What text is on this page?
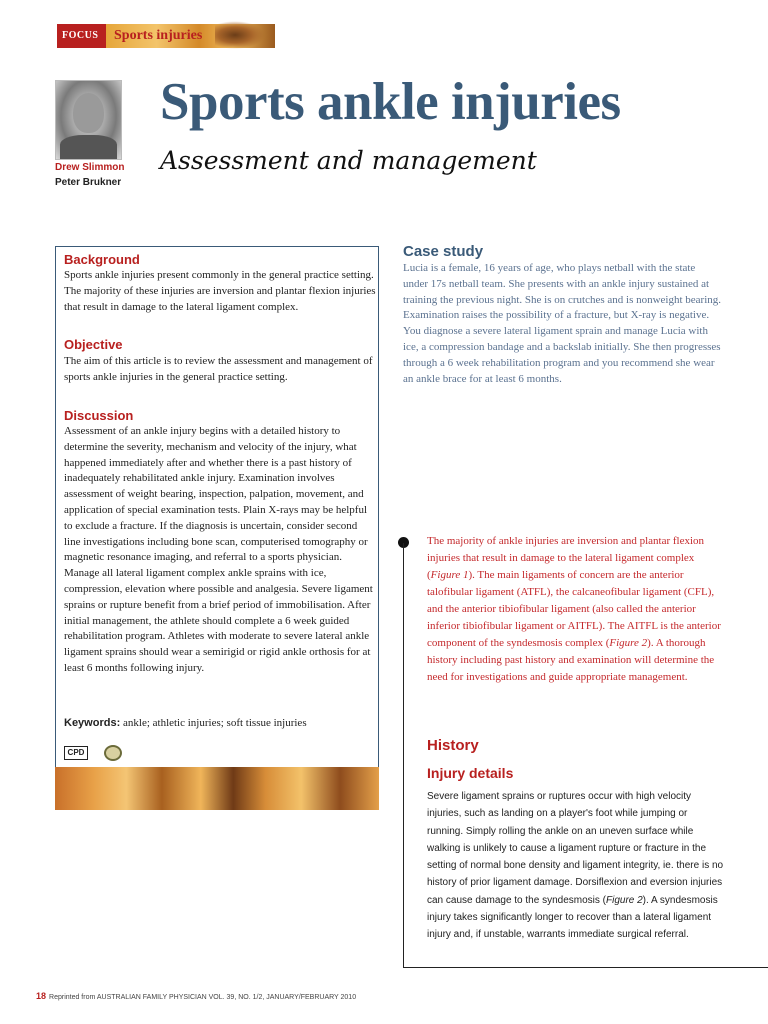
FOCUS Sports injuries
Drew Slimmon
Peter Brukner
Sports ankle injuries
Assessment and management
Background
Sports ankle injuries present commonly in the general practice setting. The majority of these injuries are inversion and plantar flexion injuries that result in damage to the lateral ligament complex.
Objective
The aim of this article is to review the assessment and management of sports ankle injuries in the general practice setting.
Discussion
Assessment of an ankle injury begins with a detailed history to determine the severity, mechanism and velocity of the injury, what happened immediately after and whether there is a past history of inadequately rehabilitated ankle injury. Examination involves assessment of weight bearing, inspection, palpation, movement, and application of special examination tests. Plain X-rays may be helpful to exclude a fracture. If the diagnosis is uncertain, consider second line investigations including bone scan, computerised tomography or magnetic resonance imaging, and referral to a sports physician. Manage all lateral ligament complex ankle sprains with ice, compression, elevation where possible and analgesia. Severe ligament sprains or rupture benefit from a brief period of immobilisation. After initial management, the athlete should complete a 6 week guided rehabilitation program. Athletes with moderate to severe lateral ankle ligament sprains should wear a semirigid or rigid ankle orthosis for at least 6 months following injury.
Keywords: ankle; athletic injuries; soft tissue injuries
CPD
Case study
Lucia is a female, 16 years of age, who plays netball with the state under 17s netball team. She presents with an ankle injury sustained at training the previous night. She is on crutches and is nonweight bearing. Examination raises the possibility of a fracture, but X-ray is negative. You diagnose a severe lateral ligament sprain and manage Lucia with ice, a compression bandage and a backslab initially. She then progresses through a 6 week rehabilitation program and you recommend she wear an ankle brace for at least 6 months.
The majority of ankle injuries are inversion and plantar flexion injuries that result in damage to the lateral ligament complex (Figure 1). The main ligaments of concern are the anterior talofibular ligament (ATFL), the calcaneofibular ligament (CFL), and the anterior tibiofibular ligament (also called the anterior inferior tibiofibular ligament or AITFL). The AITFL is the anterior component of the syndesmosis complex (Figure 2). A thorough history including past history and examination will determine the need for investigations and guide appropriate management.
History
Injury details
Severe ligament sprains or ruptures occur with high velocity injuries, such as landing on a player's foot while jumping or running. Simply rolling the ankle on an uneven surface while walking is unlikely to cause a ligament rupture or fracture in the setting of normal bone density and ligament integrity, ie. there is no history of prior ligament damage. Dorsiflexion and eversion injuries can cause damage to the syndesmosis (Figure 2). A syndesmosis injury takes significantly longer to recover than a lateral ligament injury and, if unstable, warrants immediate surgical referral.
18 Reprinted from AUSTRALIAN FAMILY PHYSICIAN VOL. 39, NO. 1/2, JANUARY/FEBRUARY 2010
